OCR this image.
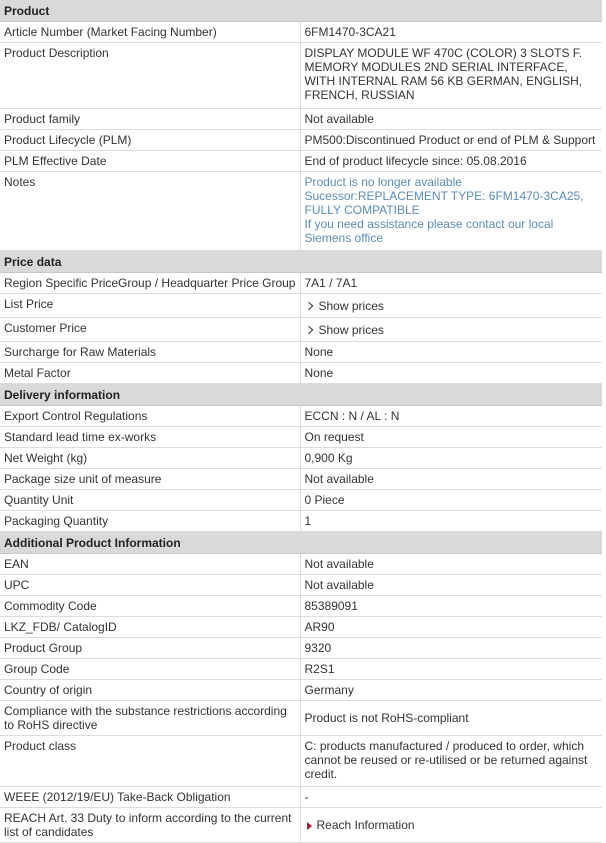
Product	
Article Number (Market Facing Number)	6FM1470-3CA21
Product Description	DISPLAY MODULE WF 470C (COLOR) 3 SLOTS F. MEMORY MODULES 2ND SERIAL INTERFACE, WITH INTERNAL RAM 56 KB GERMAN, ENGLISH, FRENCH, RUSSIAN
Product family	Not available
Product Lifecycle (PLM)	PM500:Discontinued Product or end of PLM & Support
PLM Effective Date	End of product lifecycle since: 05.08.2016
Notes	Product is no longer available
Sucessor:REPLACEMENT TYPE: 6FM1470-3CA25, FULLY COMPATIBLE
If you need assistance please contact our local Siemens office

Price data	
Region Specific PriceGroup / Headquarter Price Group	7A1 / 7A1
List Price	Show prices
Customer Price	Show prices
Surcharge for Raw Materials	None
Metal Factor	None
Delivery information	
Export Control Regulations	ECCN : N / AL : N
Standard lead time ex-works	On request
Net Weight (kg)	0,900 Kg
Package size unit of measure	Not available
Quantity Unit	0 Piece
Packaging Quantity	1
Additional Product Information	
EAN	Not available
UPC	Not available
Commodity Code	85389091
LKZ_FDB/ CatalogID	AR90
Product Group	9320
Group Code	R2S1
Country of origin	Germany
Compliance with the substance restrictions according to RoHS directive	Product is not RoHS-compliant
Product class	C: products manufactured / produced to order, which cannot be reused or re-utilised or be returned against credit.
WEEE (2012/19/EU) Take-Back Obligation	-
REACH Art. 33 Duty to inform according to the current list of candidates	Reach Information
